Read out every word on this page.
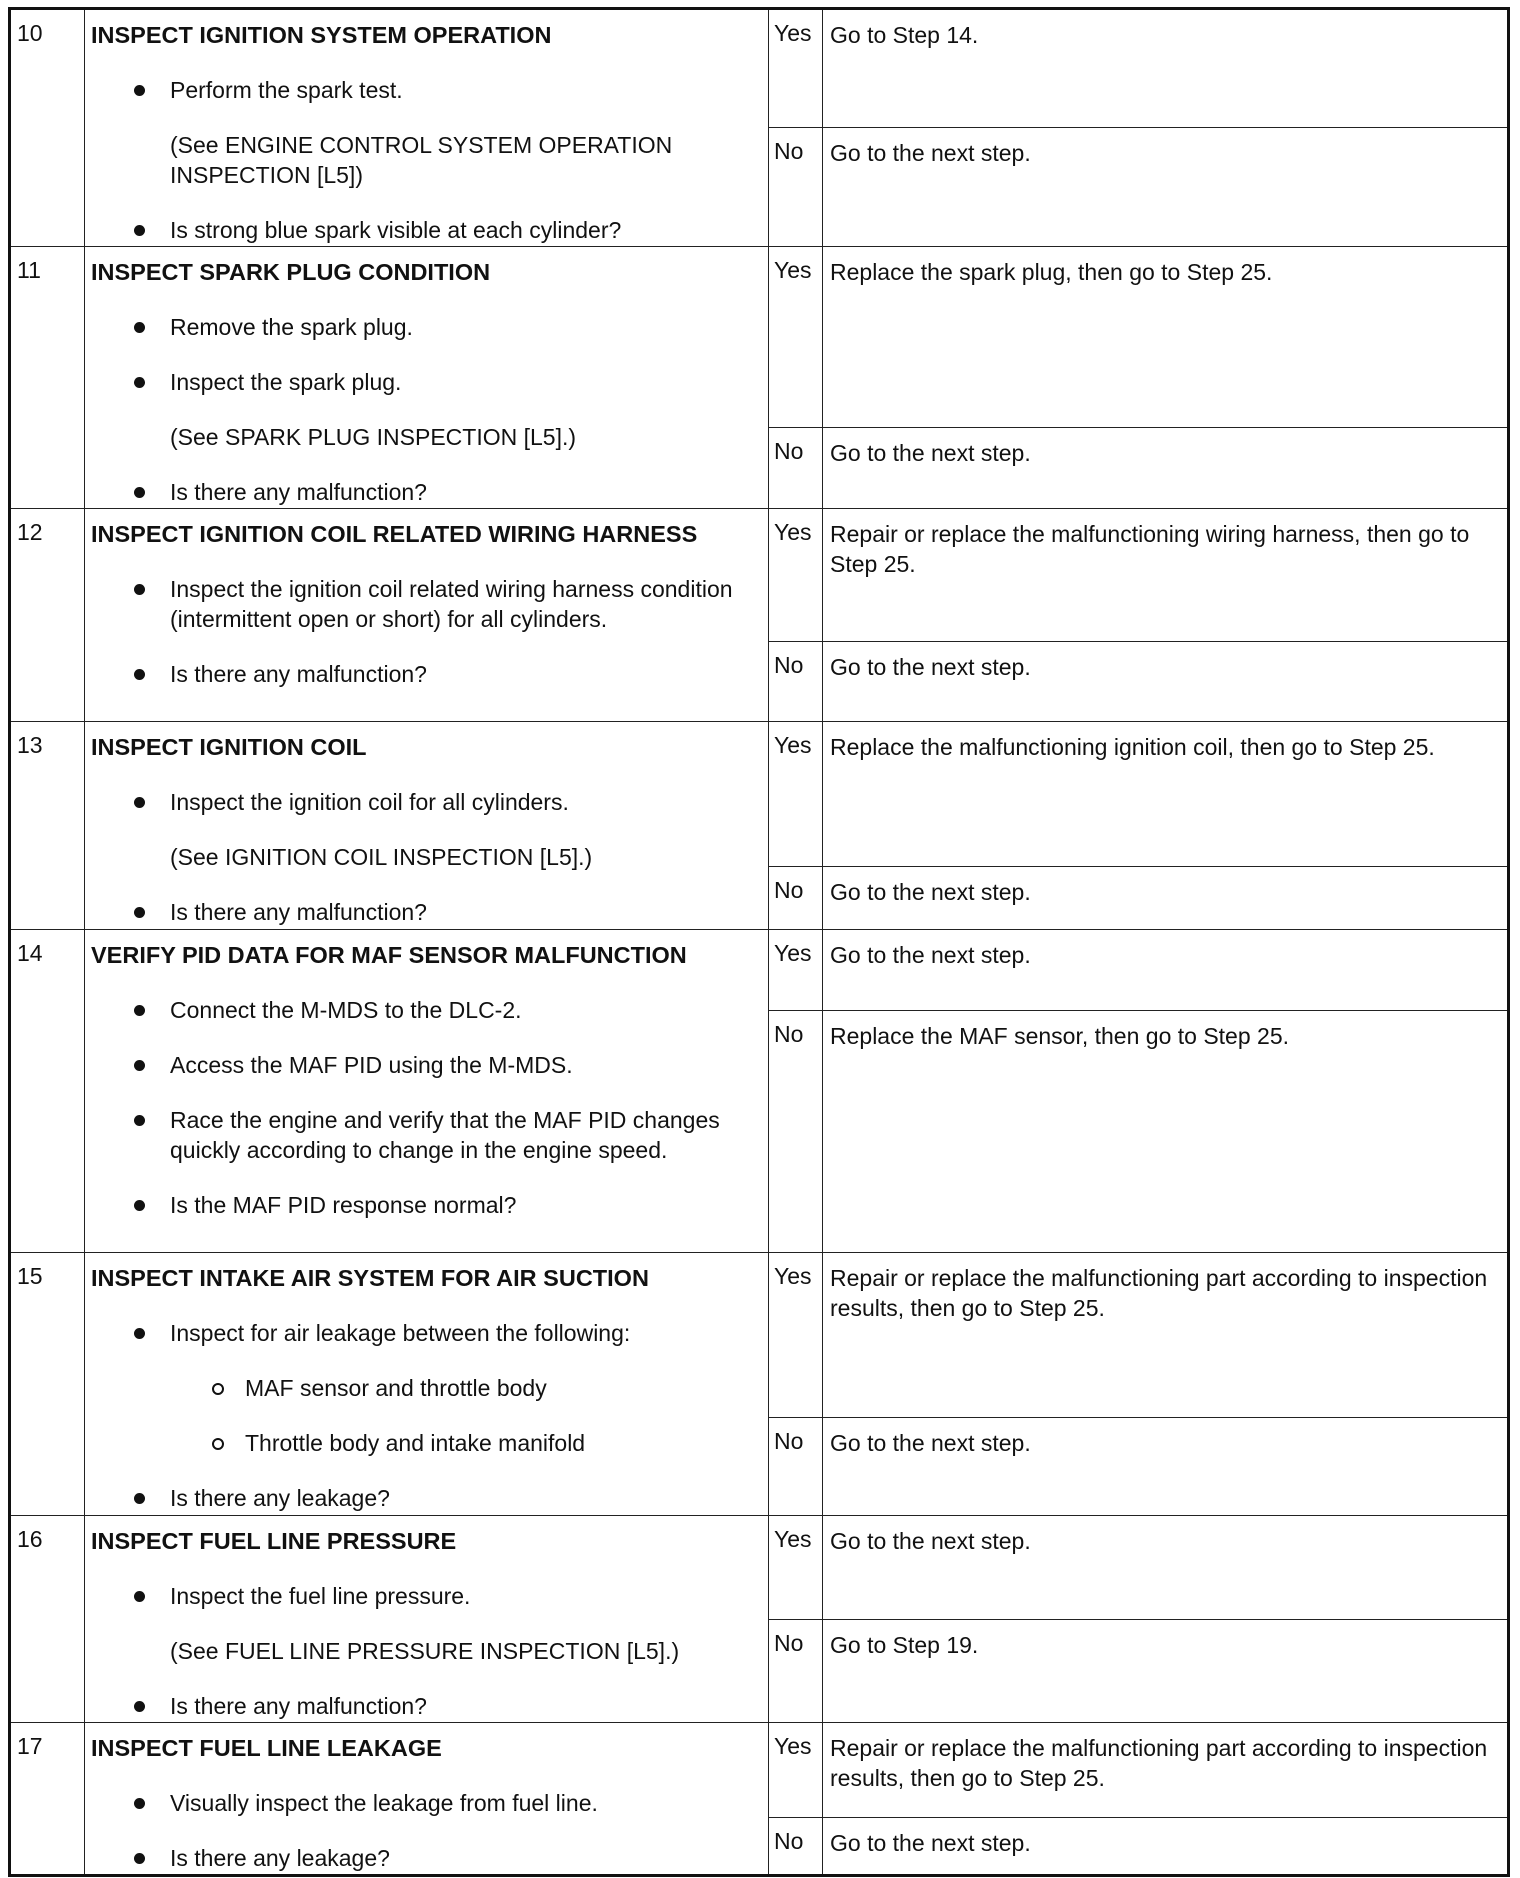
10	INSPECT IGNITION SYSTEM OPERATION
Perform the spark test.
(See ENGINE CONTROL SYSTEM OPERATION INSPECTION [L5])
Is strong blue spark visible at each cylinder?	Yes	Go to Step 14.
		No	Go to the next step.
11	INSPECT SPARK PLUG CONDITION
Remove the spark plug.
Inspect the spark plug.
(See SPARK PLUG INSPECTION [L5].)
Is there any malfunction?	Yes	Replace the spark plug, then go to Step 25.
		No	Go to the next step.
12	INSPECT IGNITION COIL RELATED WIRING HARNESS
Inspect the ignition coil related wiring harness condition (intermittent open or short) for all cylinders.
Is there any malfunction?	Yes	Repair or replace the malfunctioning wiring harness, then go to Step 25.
		No	Go to the next step.
13	INSPECT IGNITION COIL
Inspect the ignition coil for all cylinders.
(See IGNITION COIL INSPECTION [L5].)
Is there any malfunction?	Yes	Replace the malfunctioning ignition coil, then go to Step 25.
		No	Go to the next step.
14	VERIFY PID DATA FOR MAF SENSOR MALFUNCTION
Connect the M-MDS to the DLC-2.
Access the MAF PID using the M-MDS.
Race the engine and verify that the MAF PID changes quickly according to change in the engine speed.
Is the MAF PID response normal?	Yes	Go to the next step.
		No	Replace the MAF sensor, then go to Step 25.
15	INSPECT INTAKE AIR SYSTEM FOR AIR SUCTION
Inspect for air leakage between the following:
MAF sensor and throttle body
Throttle body and intake manifold
Is there any leakage?	Yes	Repair or replace the malfunctioning part according to inspection results, then go to Step 25.
		No	Go to the next step.
16	INSPECT FUEL LINE PRESSURE
Inspect the fuel line pressure.
(See FUEL LINE PRESSURE INSPECTION [L5].)
Is there any malfunction?	Yes	Go to the next step.
		No	Go to Step 19.
17	INSPECT FUEL LINE LEAKAGE
Visually inspect the leakage from fuel line.
Is there any leakage?	Yes	Repair or replace the malfunctioning part according to inspection results, then go to Step 25.
		No	Go to the next step.
